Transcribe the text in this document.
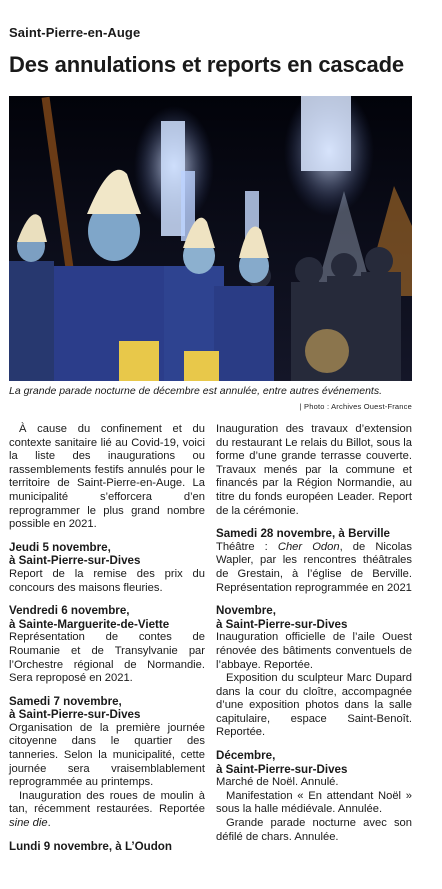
Saint-Pierre-en-Auge
Des annulations et reports en cascade
La grande parade nocturne de décembre est annulée, entre autres événements.
| Photo : Archives Ouest-France

À cause du confinement et du contexte sanitaire lié au Covid-19, voici la liste des inaugurations ou rassemblements festifs annulés pour le territoire de Saint-Pierre-en-Auge. La municipalité s’efforcera d’en reprogrammer le plus grand nombre possible en 2021.

Jeudi 5 novembre,

à Saint-Pierre-sur-Dives

Report de la remise des prix du concours des maisons fleuries.

Vendredi 6 novembre,

à Sainte-Marguerite-de-Viette

Représentation de contes de Roumanie et de Transylvanie par l’Orchestre régional de Normandie. Sera reproposé en 2021.

Samedi 7 novembre,

à Saint-Pierre-sur-Dives

Organisation de la première journée citoyenne dans le quartier des tanneries. Selon la municipalité, cette journée sera vraisemblablement reprogrammée au printemps.

Inauguration des roues de moulin à tan, récemment restaurées. Reportée sine die.

Lundi 9 novembre, à L’Oudon

Inauguration des travaux d’extension du restaurant Le relais du Billot, sous la forme d’une grande terrasse couverte. Travaux menés par la commune et financés par la Région Normandie, au titre du fonds européen Leader. Report de la cérémonie.

Samedi 28 novembre, à Berville

Théâtre : Cher Odon, de Nicolas Wapler, par les rencontres théâtrales de Grestain, à l’église de Berville. Représentation reprogrammée en 2021

Novembre,

à Saint-Pierre-sur-Dives

Inauguration officielle de l’aile Ouest rénovée des bâtiments conventuels de l’abbaye. Reportée.

Exposition du sculpteur Marc Dupard dans la cour du cloître, accompagnée d’une exposition photos dans la salle capitulaire, espace Saint-Benoît. Reportée.

Décembre,

à Saint-Pierre-sur-Dives

Marché de Noël. Annulé.

Manifestation « En attendant Noël » sous la halle médiévale. Annulée.

Grande parade nocturne avec son défilé de chars. Annulée.
